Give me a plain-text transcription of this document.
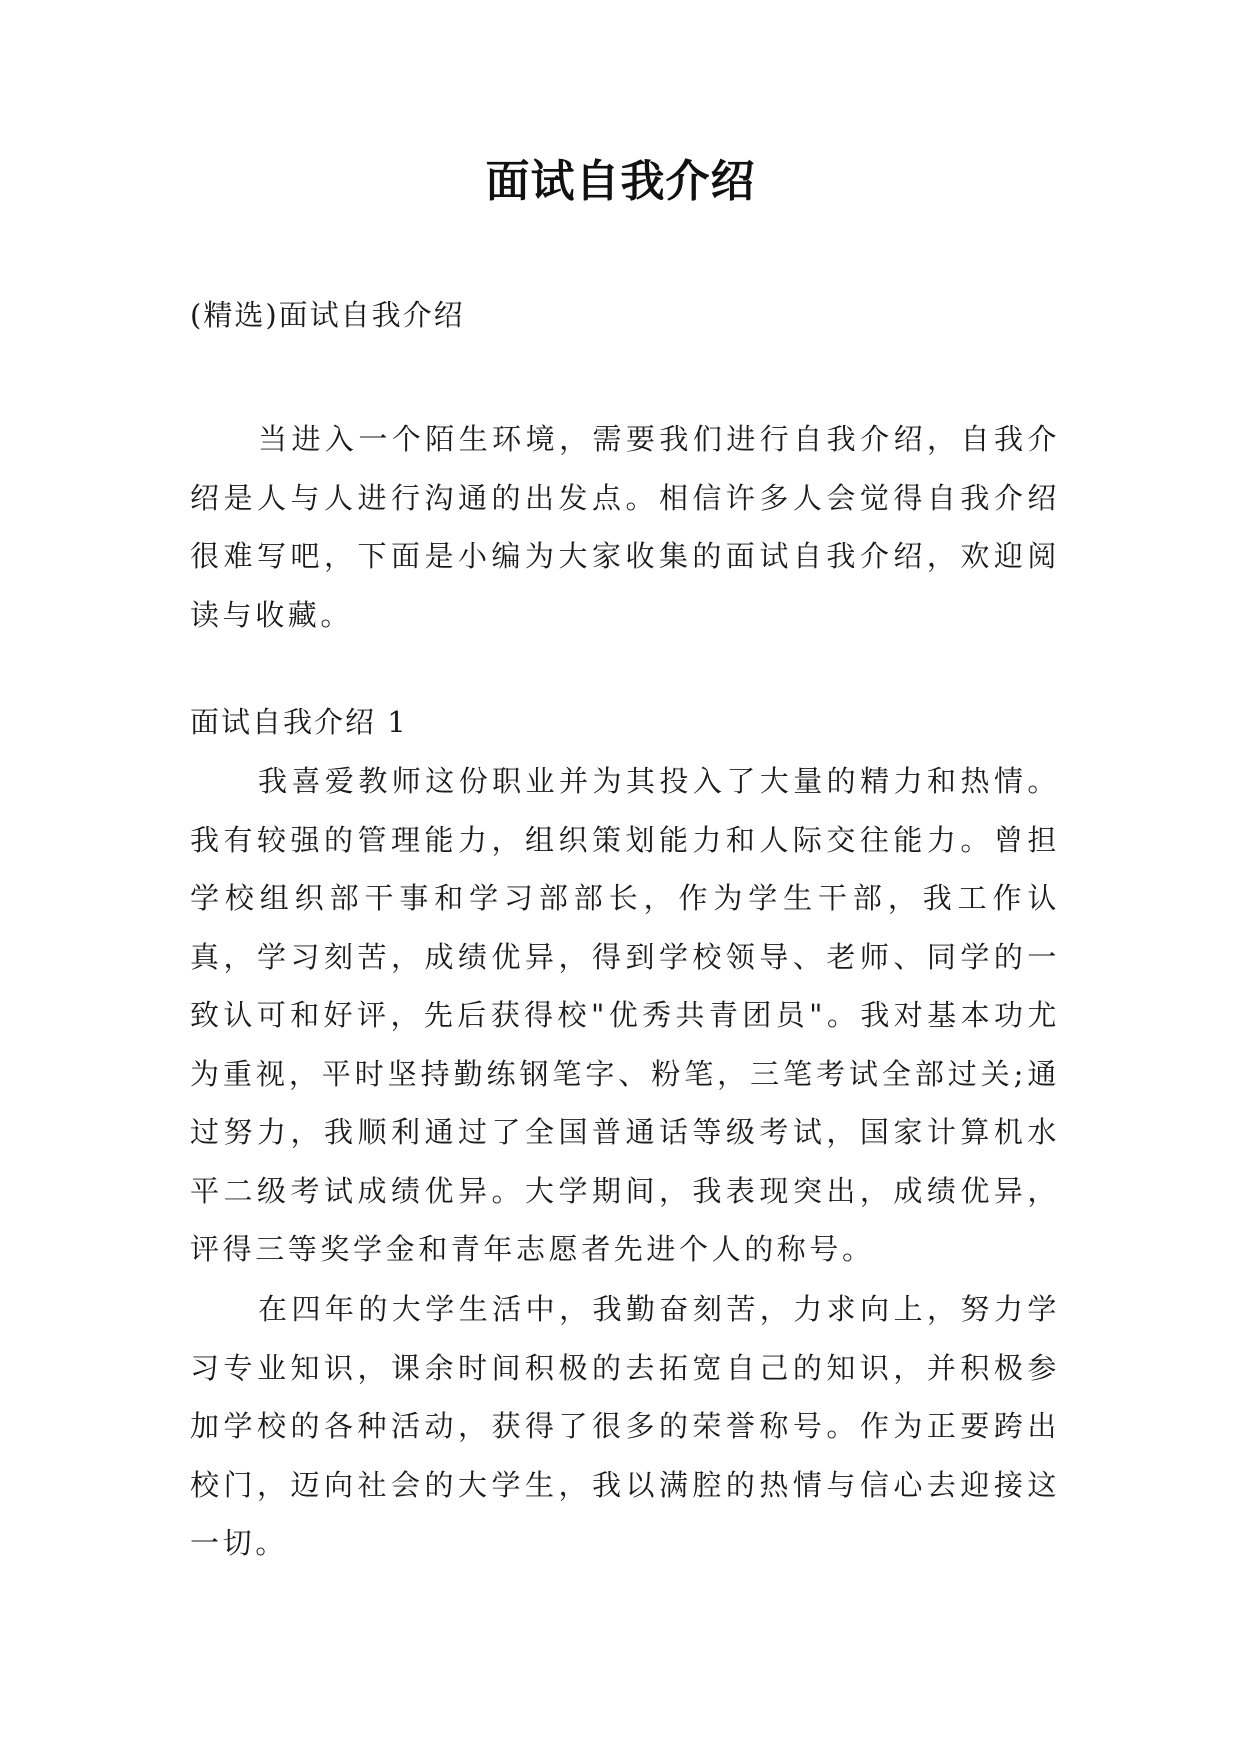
面试自我介绍
(精选)面试自我介绍

当进入一个陌生环境，需要我们进行自我介绍，自我介绍是人与人进行沟通的出发点。相信许多人会觉得自我介绍很难写吧，下面是小编为大家收集的面试自我介绍，欢迎阅读与收藏。

面试自我介绍 1

我喜爱教师这份职业并为其投入了大量的精力和热情。我有较强的管理能力，组织策划能力和人际交往能力。曾担学校组织部干事和学习部部长，作为学生干部，我工作认真，学习刻苦，成绩优异，得到学校领导、老师、同学的一致认可和好评，先后获得校"优秀共青团员"。我对基本功尤为重视，平时坚持勤练钢笔字、粉笔，三笔考试全部过关;通过努力，我顺利通过了全国普通话等级考试，国家计算机水平二级考试成绩优异。大学期间，我表现突出，成绩优异，评得三等奖学金和青年志愿者先进个人的称号。

在四年的大学生活中，我勤奋刻苦，力求向上，努力学习专业知识，课余时间积极的去拓宽自己的知识，并积极参加学校的各种活动，获得了很多的荣誉称号。作为正要跨出校门，迈向社会的大学生，我以满腔的热情与信心去迎接这一切。
